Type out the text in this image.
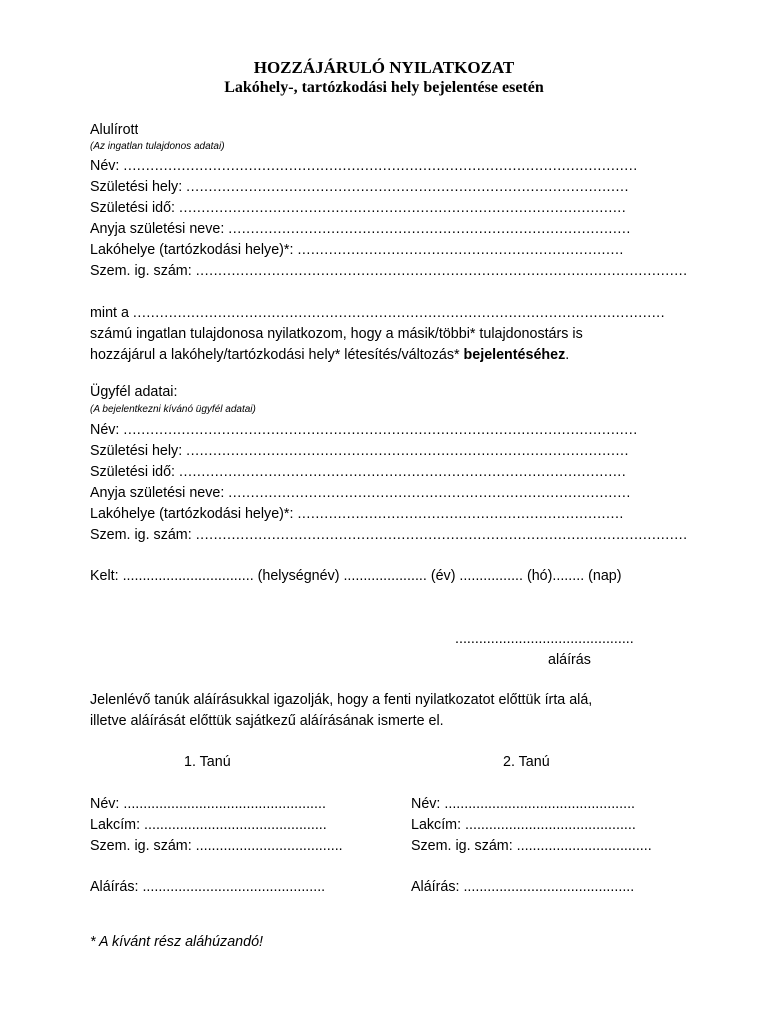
HOZZÁJÁRULÓ NYILATKOZAT
Lakóhely-, tartózkodási hely bejelentése esetén
Alulírott
(Az ingatlan tulajdonos adatai)
Név: ...................................................................................................................
Születési hely: ...................................................................................................
Születési idő: ....................................................................................................
Anyja születési neve: ..........................................................................................
Lakóhelye (tartózkodási helye)*: .........................................................................
Szem. ig. szám: ..............................................................................................................
mint a .......................................................................................................................
számú ingatlan tulajdonosa nyilatkozom, hogy a másik/többi* tulajdonostárs is
hozzájárul a lakóhely/tartózkodási hely* létesítés/változás* bejelentéséhez.
Ügyfél adatai:
(A bejelentkezni kívánó ügyfél adatai)
Név: ...................................................................................................................
Születési hely: ...................................................................................................
Születési idő: ....................................................................................................
Anyja születési neve: ..........................................................................................
Lakóhelye (tartózkodási helye)*: .........................................................................
Szem. ig. szám: ..............................................................................................................
Kelt: ................................. (helységnév) ..................... (év) ................ (hó)........ (nap)
.............................................
aláírás
Jelenlévő tanúk aláírásukkal igazolják, hogy a fenti nyilatkozatot előttük írta alá,
illetve aláírását előttük sajátkezű aláírásának ismerte el.
1. Tanú	2. Tanú
Név: ...................................................
Lakcím: ..............................................
Szem. ig. szám: .....................................
Aláírás: ..............................................
Név: ................................................
Lakcím: ...........................................
Szem. ig. szám: ..................................
Aláírás: ...........................................
* A kívánt rész aláhúzandó!
